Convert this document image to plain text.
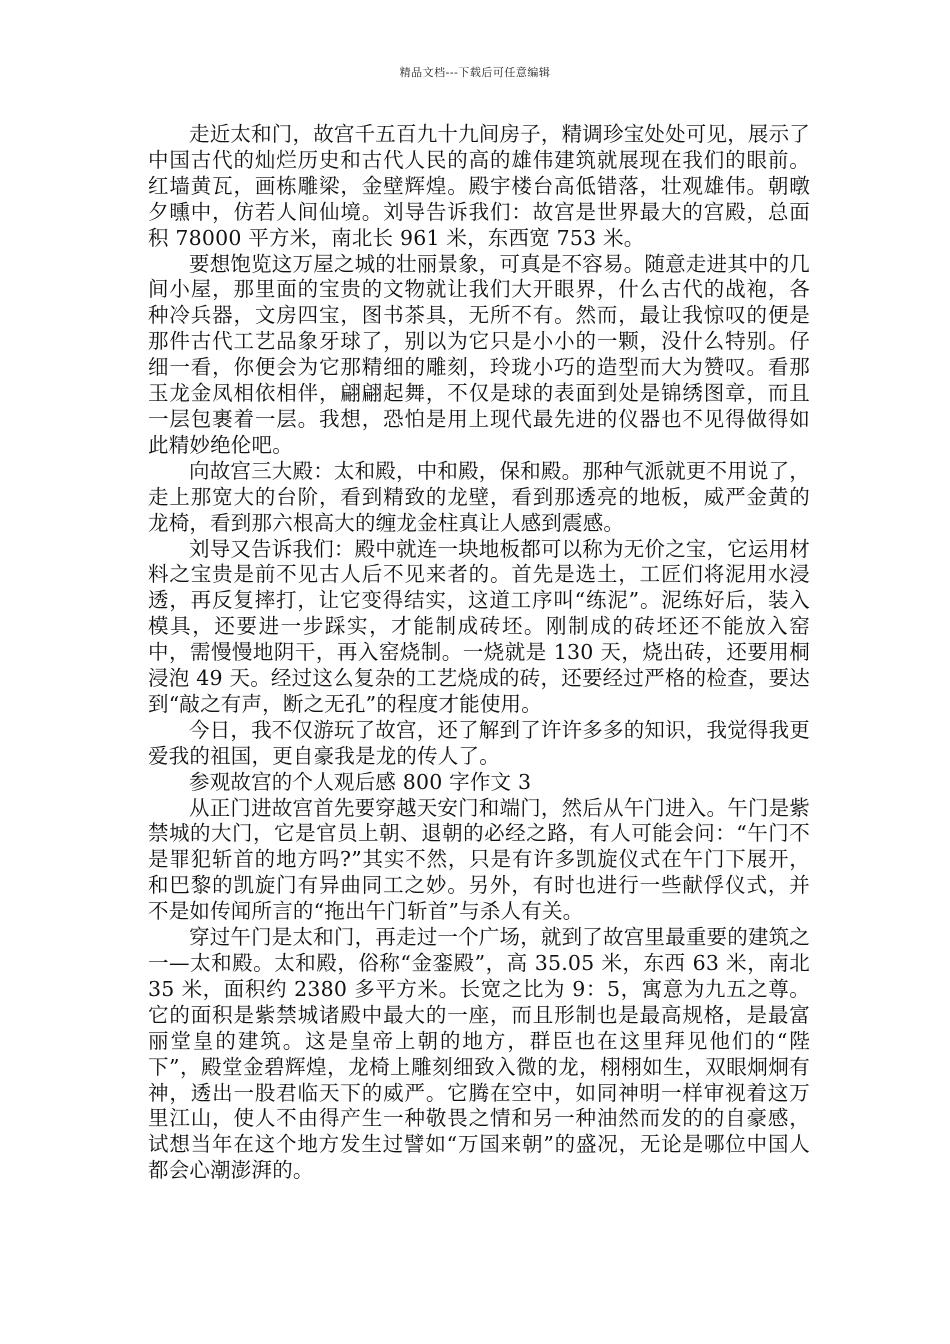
精品文档---下载后可任意编辑

走近太和门，故宫千五百九十九间房子，精调珍宝处处可见，展示了中国古代的灿烂历史和古代人民的高的雄伟建筑就展现在我们的眼前。红墙黄瓦，画栋雕梁，金壁辉煌。殿宇楼台高低错落，壮观雄伟。朝暾夕曛中，仿若人间仙境。刘导告诉我们：故宫是世界最大的宫殿，总面积 78000 平方米，南北长 961 米，东西宽 753 米。

要想饱览这万屋之城的壮丽景象，可真是不容易。随意走进其中的几间小屋，那里面的宝贵的文物就让我们大开眼界，什么古代的战袍，各种冷兵器，文房四宝，图书茶具，无所不有。然而，最让我惊叹的便是那件古代工艺品象牙球了，别以为它只是小小的一颗，没什么特别。仔细一看，你便会为它那精细的雕刻，玲珑小巧的造型而大为赞叹。看那玉龙金凤相依相伴，翩翩起舞，不仅是球的表面到处是锦绣图章，而且一层包裹着一层。我想，恐怕是用上现代最先进的仪器也不见得做得如此精妙绝伦吧。

向故宫三大殿：太和殿，中和殿，保和殿。那种气派就更不用说了，走上那宽大的台阶，看到精致的龙壁，看到那透亮的地板，威严金黄的龙椅，看到那六根高大的缠龙金柱真让人感到震感。

刘导又告诉我们：殿中就连一块地板都可以称为无价之宝，它运用材料之宝贵是前不见古人后不见来者的。首先是选土，工匠们将泥用水浸透，再反复摔打，让它变得结实，这道工序叫“练泥”。泥练好后，装入模具，还要进一步踩实，才能制成砖坯。刚制成的砖坯还不能放入窑中，需慢慢地阴干，再入窑烧制。一烧就是 130 天，烧出砖，还要用桐浸泡 49 天。经过这么复杂的工艺烧成的砖，还要经过严格的检查，要达到“敲之有声，断之无孔”的程度才能使用。

今日，我不仅游玩了故宫，还了解到了许许多多的知识，我觉得我更爱我的祖国，更自豪我是龙的传人了。

参观故宫的个人观后感 800 字作文 3

从正门进故宫首先要穿越天安门和端门，然后从午门进入。午门是紫禁城的大门，它是官员上朝、退朝的必经之路，有人可能会问：“午门不是罪犯斩首的地方吗?”其实不然，只是有许多凯旋仪式在午门下展开，和巴黎的凯旋门有异曲同工之妙。另外，有时也进行一些献俘仪式，并不是如传闻所言的“拖出午门斩首”与杀人有关。

穿过午门是太和门，再走过一个广场，就到了故宫里最重要的建筑之一—太和殿。太和殿，俗称“金銮殿”，高 35.05 米，东西 63 米，南北 35 米，面积约 2380 多平方米。长宽之比为 9：5，寓意为九五之尊。它的面积是紫禁城诸殿中最大的一座，而且形制也是最高规格，是最富丽堂皇的建筑。这是皇帝上朝的地方，群臣也在这里拜见他们的“陛下”，殿堂金碧辉煌，龙椅上雕刻细致入微的龙，栩栩如生，双眼炯炯有神，透出一股君临天下的威严。它腾在空中，如同神明一样审视着这万里江山，使人不由得产生一种敬畏之情和另一种油然而发的的自豪感，试想当年在这个地方发生过譬如“万国来朝”的盛况，无论是哪位中国人都会心潮澎湃的。
